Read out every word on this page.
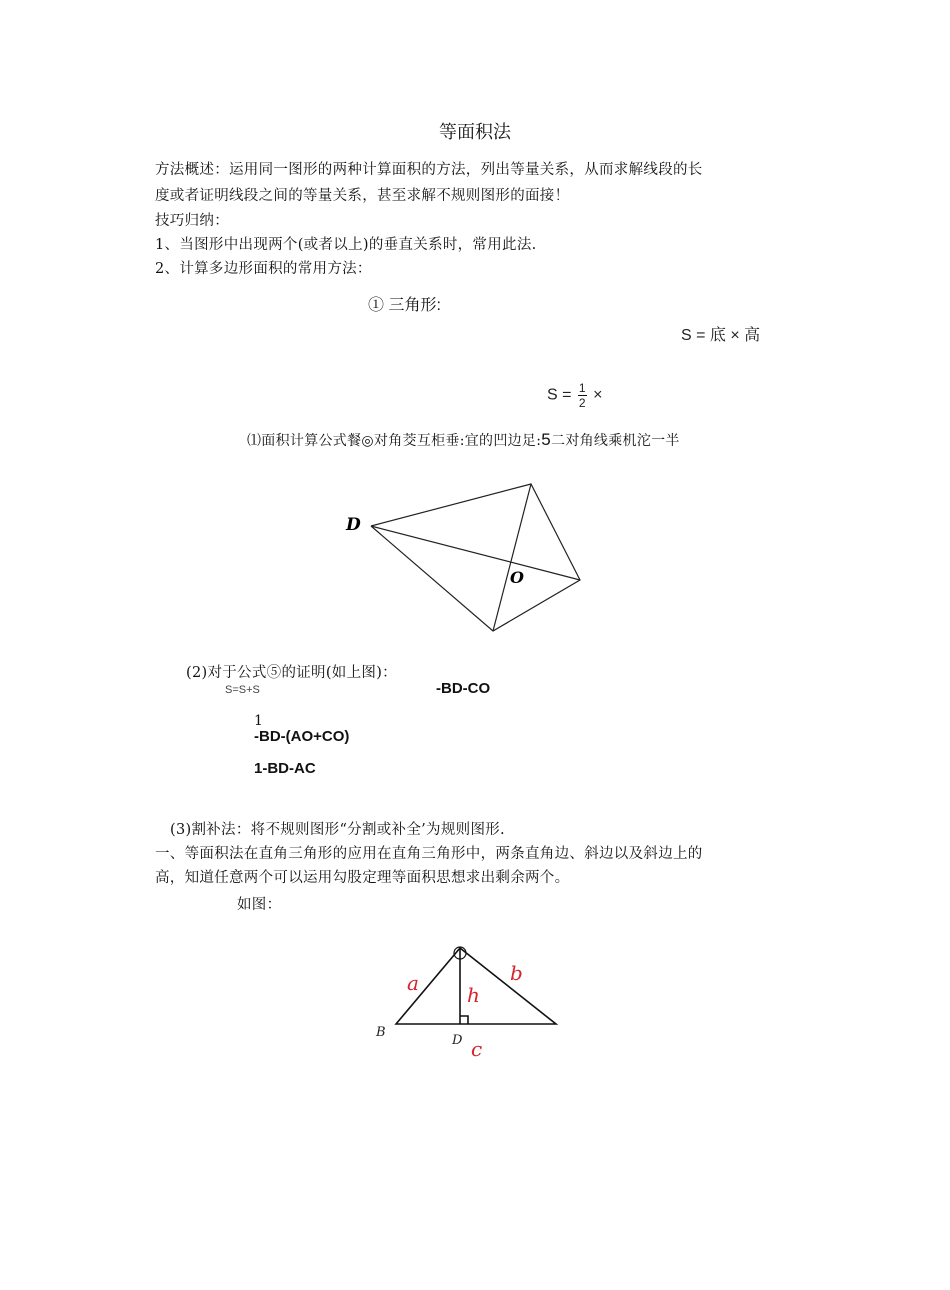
等面积法
方法概述：运用同一图形的两种计算面积的方法，列出等量关系，从而求解线段的长
度或者证明线段之间的等量关系，甚至求解不规则图形的面接！
技巧归纳：
1、当图形中出现两个(或者以上)的垂直关系时，常用此法.
2、计算多边形面积的常用方法：
① 三角形:
S = 底 × 高
$S = \frac{1}{2}$ ×
⑴面积计算公式餐◎对角茭互柜垂:宜的凹边足:5二对角线乘机沱一半
D
O
(2)对于公式⑤的证明(如上图)：
S=S+S	-BD-CO
1
-BD-(AO+CO)
1-BD-AC
(3)割补法：将不规则图形“分割或补全’为规则图形.
一、等面积法在直角三角形的应用在直角三角形中，两条直角边、斜边以及斜边上的
高，知道任意两个可以运用勾股定理等面积思想求出剩余两个。
如图：
a	b
h
c
B
D
